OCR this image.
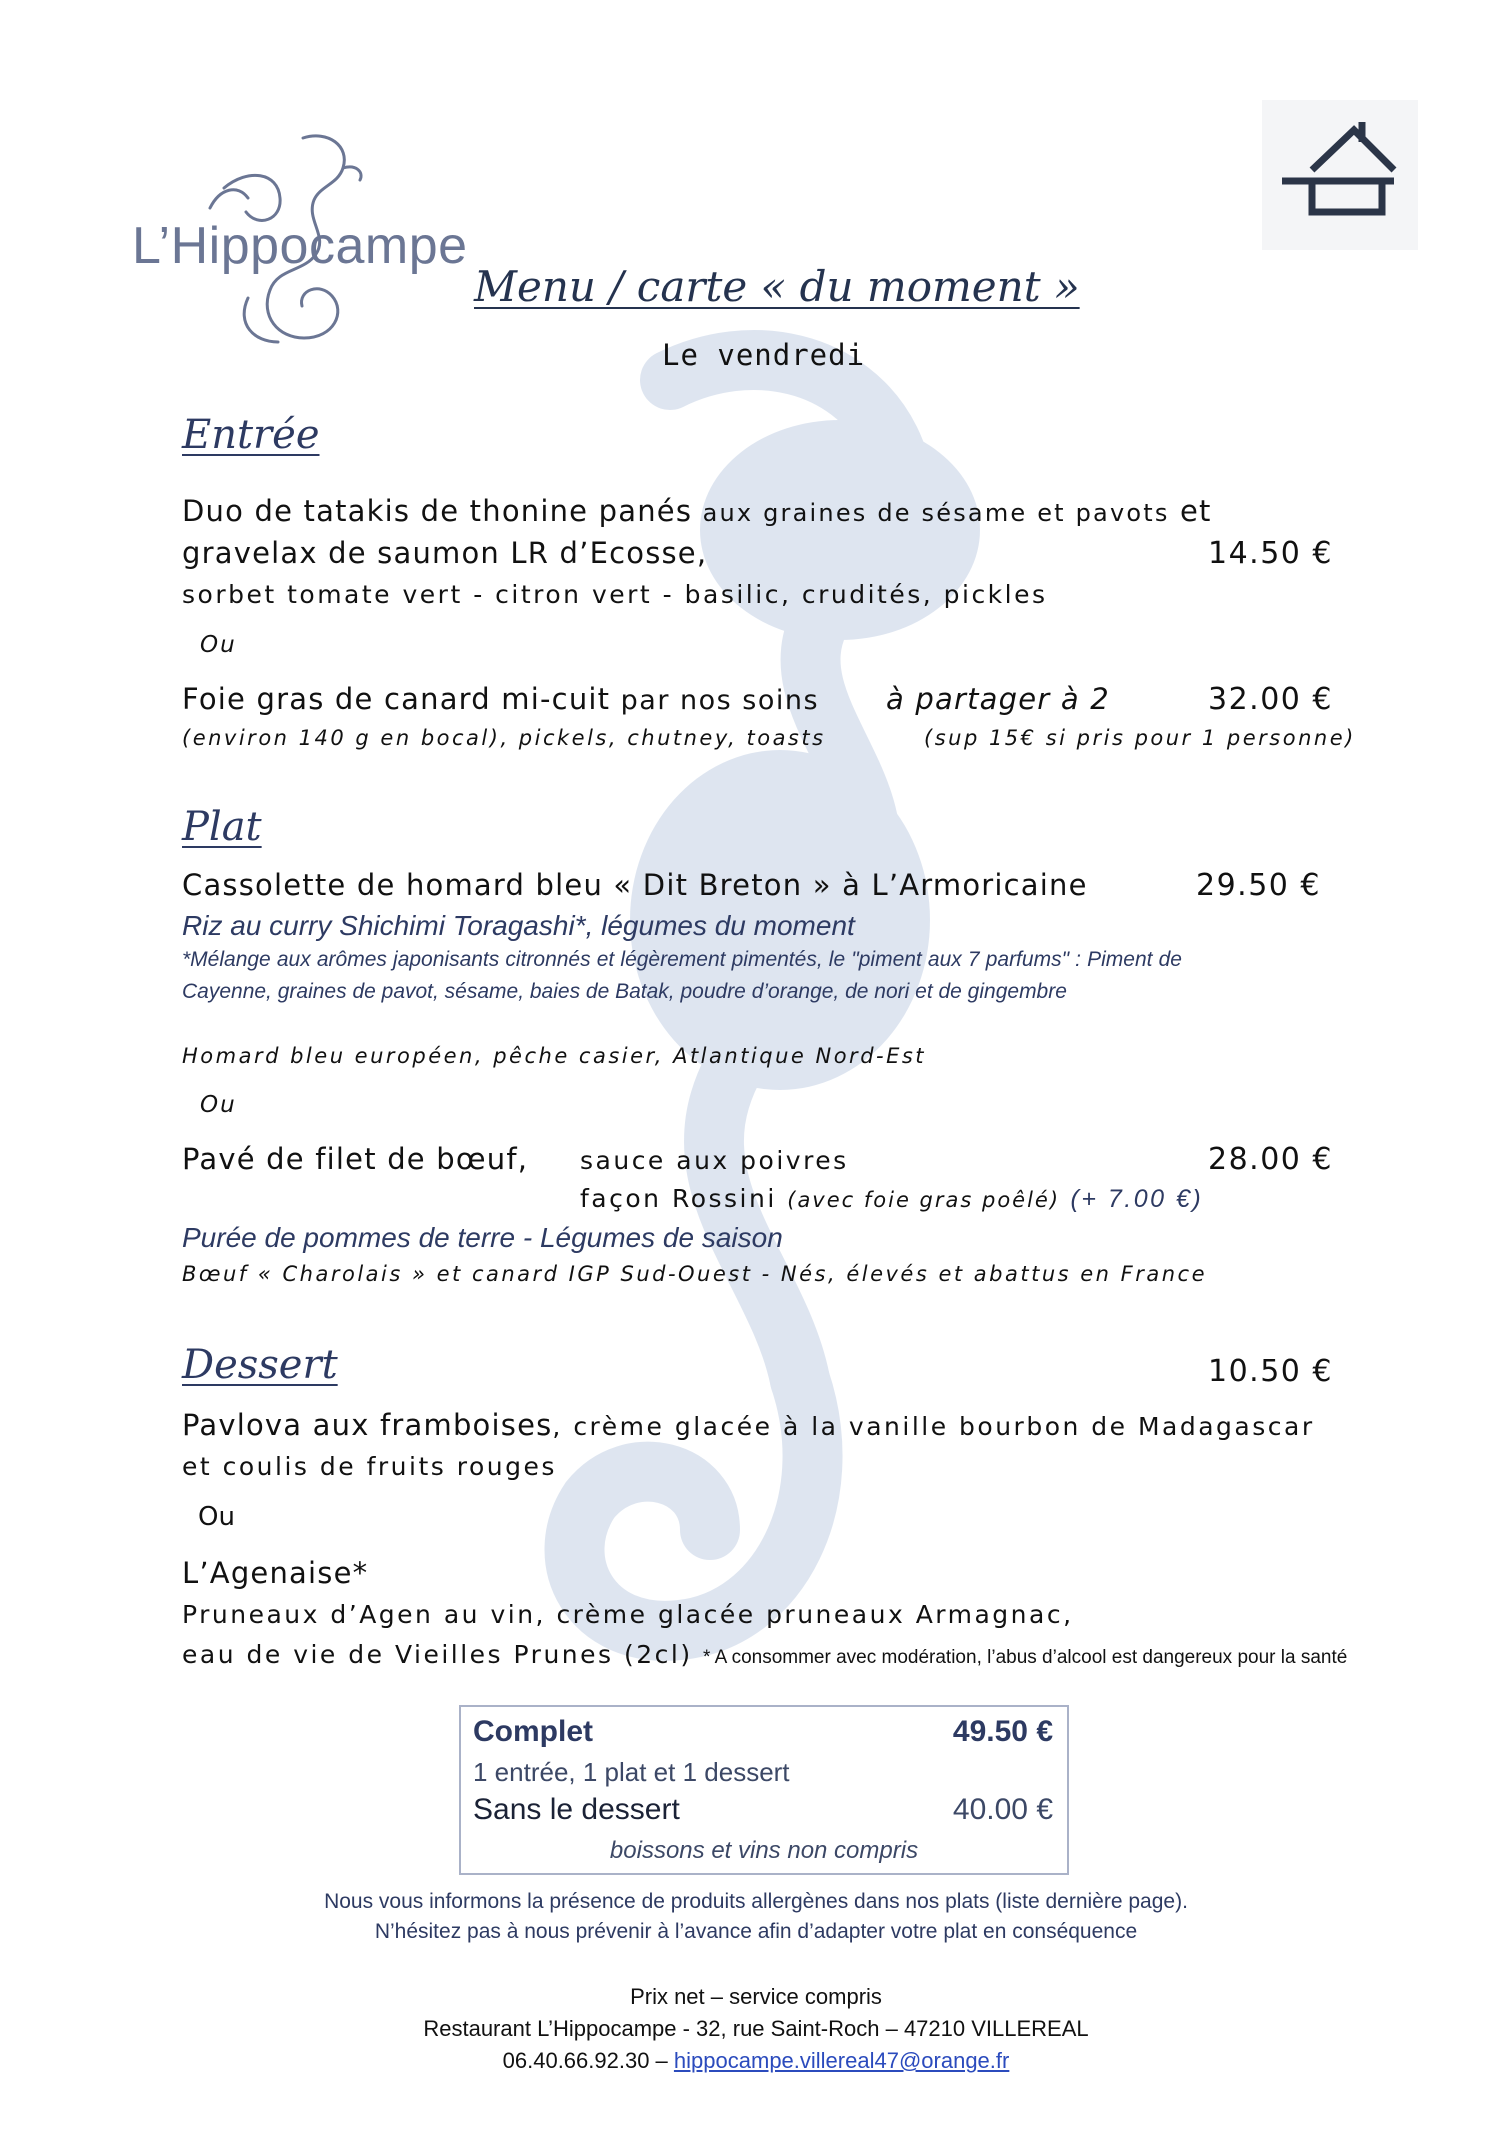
L’Hippocampe
Menu / carte « du moment »
Le vendredi
Entrée
Duo de tatakis de thonine panés aux graines de sésame et pavots et
gravelax de saumon LR d’Ecosse,	14.50 €
sorbet tomate vert - citron vert - basilic, crudités, pickles
Ou
Foie gras de canard mi-cuit par nos soins à partager à 2	32.00 €
(environ 140 g en bocal), pickels, chutney, toasts	(sup 15€ si pris pour 1 personne)
Plat
Cassolette de homard bleu « Dit Breton » à L’Armoricaine	29.50 €
Riz au curry Shichimi Toragashi*, légumes du moment
*Mélange aux arômes japonisants citronnés et légèrement pimentés, le "piment aux 7 parfums" : Piment de Cayenne, graines de pavot, sésame, baies de Batak, poudre d’orange, de nori et de gingembre
Homard bleu européen, pêche casier, Atlantique Nord-Est
Ou
Pavé de filet de bœuf, sauce aux poivres	28.00 €
façon Rossini (avec foie gras poêlé) (+ 7.00 €)
Purée de pommes de terre - Légumes de saison
Bœuf « Charolais » et canard IGP Sud-Ouest - Nés, élevés et abattus en France
Dessert	10.50 €
Pavlova aux framboises, crème glacée à la vanille bourbon de Madagascar
et coulis de fruits rouges
Ou
L’Agenaise*
Pruneaux d’Agen au vin, crème glacée pruneaux Armagnac,
eau de vie de Vieilles Prunes (2cl) * A consommer avec modération, l’abus d’alcool est dangereux pour la santé
Complet	49.50 €
1 entrée, 1 plat et 1 dessert
Sans le dessert	40.00 €
boissons et vins non compris
Nous vous informons la présence de produits allergènes dans nos plats (liste dernière page).
N’hésitez pas à nous prévenir à l’avance afin d’adapter votre plat en conséquence
Prix net – service compris
Restaurant L’Hippocampe - 32, rue Saint-Roch – 47210 VILLEREAL
06.40.66.92.30 – hippocampe.villereal47@orange.fr
